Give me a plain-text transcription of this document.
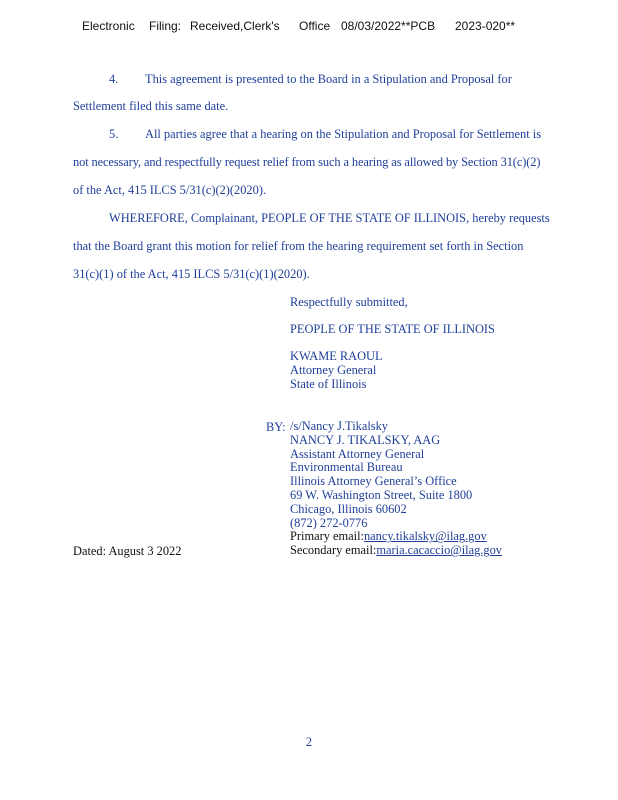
Electronic Filing: Received,Clerk's Office 08/03/2022**PCB 2023-020**
4. This agreement is presented to the Board in a Stipulation and Proposal for
Settlement filed this same date.
5. All parties agree that a hearing on the Stipulation and Proposal for Settlement is
not necessary, and respectfully request relief from such a hearing as allowed by Section 31(c)(2)
of the Act, 415 ILCS 5/31(c)(2)(2020).
WHEREFORE, Complainant, PEOPLE OF THE STATE OF ILLINOIS, hereby requests
that the Board grant this motion for relief from the hearing requirement set forth in Section
31(c)(1) of the Act, 415 ILCS 5/31(c)(1)(2020).
Respectfully submitted,
PEOPLE OF THE STATE OF ILLINOIS
KWAME RAOUL
Attorney General
State of Illinois
BY: /s/Nancy J.Tikalsky
NANCY J. TIKALSKY, AAG
Assistant Attorney General
Environmental Bureau
Illinois Attorney General’s Office
69 W. Washington Street, Suite 1800
Chicago, Illinois 60602
(872) 272-0776
Primary email:nancy.tikalsky@ilag.gov
Secondary email:maria.cacaccio@ilag.gov
Dated: August 3 2022
2
